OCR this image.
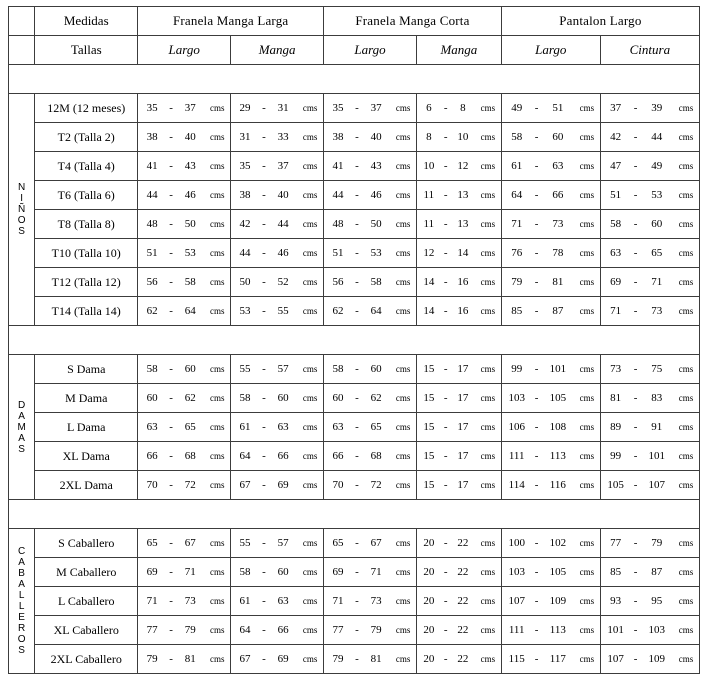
	Medidas	Franela Manga Larga								Franela Manga Corta								Pantalon Largo							
	Tallas	Largo				Manga				Largo				Manga				Largo				Cintura			

N
I
Ñ
O
S	12M (12 meses)	35	-	37	cms	29	-	31	cms	35	-	37	cms	6	-	8	cms	49	-	51	cms	37	-	39	cms
	T2 (Talla 2)	38	-	40	cms	31	-	33	cms	38	-	40	cms	8	-	10	cms	58	-	60	cms	42	-	44	cms
	T4 (Talla 4)	41	-	43	cms	35	-	37	cms	41	-	43	cms	10	-	12	cms	61	-	63	cms	47	-	49	cms
	T6 (Talla 6)	44	-	46	cms	38	-	40	cms	44	-	46	cms	11	-	13	cms	64	-	66	cms	51	-	53	cms
	T8 (Talla 8)	48	-	50	cms	42	-	44	cms	48	-	50	cms	11	-	13	cms	71	-	73	cms	58	-	60	cms
	T10 (Talla 10)	51	-	53	cms	44	-	46	cms	51	-	53	cms	12	-	14	cms	76	-	78	cms	63	-	65	cms
	T12 (Talla 12)	56	-	58	cms	50	-	52	cms	56	-	58	cms	14	-	16	cms	79	-	81	cms	69	-	71	cms
	T14 (Talla 14)	62	-	64	cms	53	-	55	cms	62	-	64	cms	14	-	16	cms	85	-	87	cms	71	-	73	cms

D
A
M
A
S	S Dama	58	-	60	cms	55	-	57	cms	58	-	60	cms	15	-	17	cms	99	-	101	cms	73	-	75	cms
	M Dama	60	-	62	cms	58	-	60	cms	60	-	62	cms	15	-	17	cms	103	-	105	cms	81	-	83	cms
	L Dama	63	-	65	cms	61	-	63	cms	63	-	65	cms	15	-	17	cms	106	-	108	cms	89	-	91	cms
	XL Dama	66	-	68	cms	64	-	66	cms	66	-	68	cms	15	-	17	cms	111	-	113	cms	99	-	101	cms
	2XL Dama	70	-	72	cms	67	-	69	cms	70	-	72	cms	15	-	17	cms	114	-	116	cms	105	-	107	cms

C
A
B
A
L
L
E
R
O
S
	S Caballero	65	-	67	cms	55	-	57	cms	65	-	67	cms	20	-	22	cms	100	-	102	cms	77	-	79	cms
	M Caballero	69	-	71	cms	58	-	60	cms	69	-	71	cms	20	-	22	cms	103	-	105	cms	85	-	87	cms
	L Caballero	71	-	73	cms	61	-	63	cms	71	-	73	cms	20	-	22	cms	107	-	109	cms	93	-	95	cms
	XL Caballero	77	-	79	cms	64	-	66	cms	77	-	79	cms	20	-	22	cms	111	-	113	cms	101	-	103	cms
	2XL Caballero	79	-	81	cms	67	-	69	cms	79	-	81	cms	20	-	22	cms	115	-	117	cms	107	-	109	cms
